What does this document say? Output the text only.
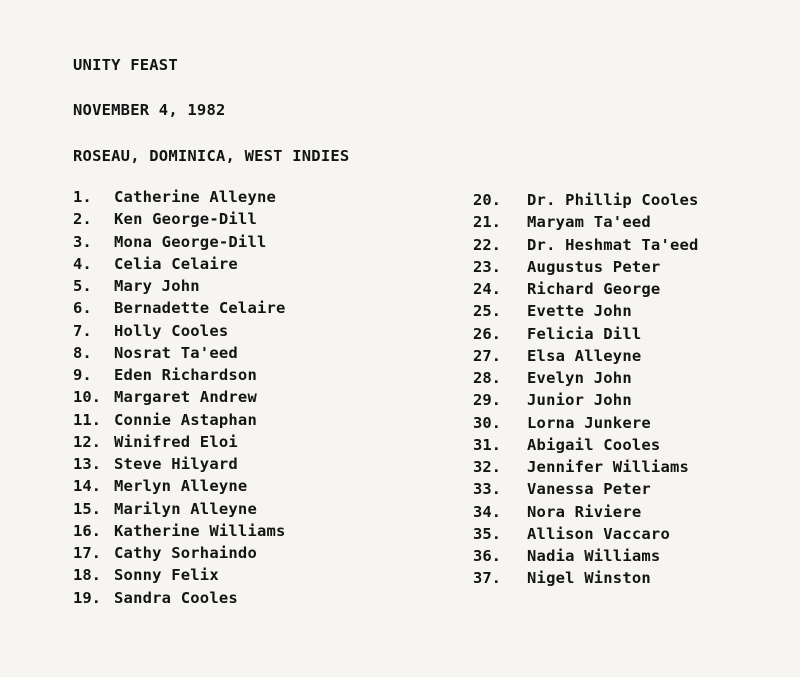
UNITY FEAST
NOVEMBER 4, 1982
ROSEAU, DOMINICA, WEST INDIES
1.	Catherine Alleyne
2.	Ken George-Dill
3.	Mona George-Dill
4.	Celia Celaire
5.	Mary John
6.	Bernadette Celaire
7.	Holly Cooles
8.	Nosrat Ta'eed
9.	Eden Richardson
10. Margaret Andrew
11. Connie Astaphan
12. Winifred Eloi
13. Steve Hilyard
14. Merlyn Alleyne
15. Marilyn Alleyne
16. Katherine Williams
17. Cathy Sorhaindo
18. Sonny Felix
19. Sandra Cooles
20.	Dr. Phillip Cooles
21.	Maryam Ta'eed
22.	Dr. Heshmat Ta'eed
23.	Augustus Peter
24.	Richard George
25.	Evette John
26.	Felicia Dill
27.	Elsa Alleyne
28.	Evelyn John
29.	Junior John
30.	Lorna Junkere
31.	Abigail Cooles
32.	Jennifer Williams
33.	Vanessa Peter
34.	Nora Riviere
35.	Allison Vaccaro
36.	Nadia Williams
37.	Nigel Winston
